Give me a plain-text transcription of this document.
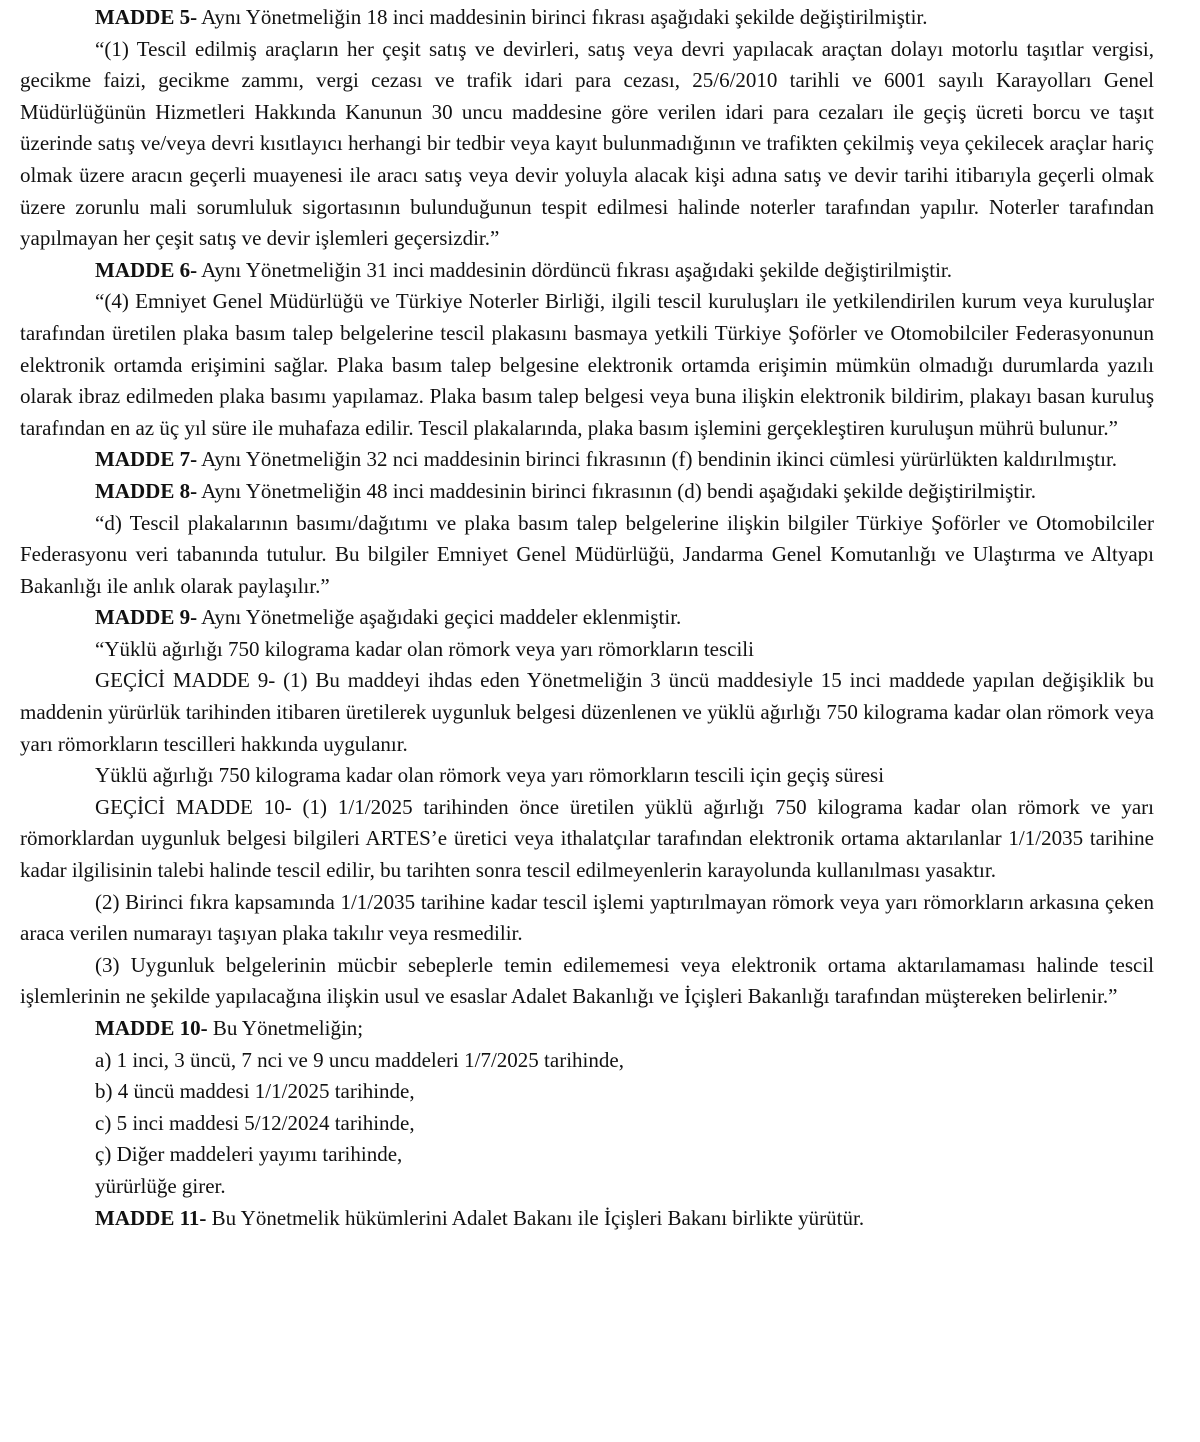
MADDE 5- Aynı Yönetmeliğin 18 inci maddesinin birinci fıkrası aşağıdaki şekilde değiştirilmiştir.

“(1) Tescil edilmiş araçların her çeşit satış ve devirleri, satış veya devri yapılacak araçtan dolayı motorlu taşıtlar vergisi, gecikme faizi, gecikme zammı, vergi cezası ve trafik idari para cezası, 25/6/2010 tarihli ve 6001 sayılı Karayolları Genel Müdürlüğünün Hizmetleri Hakkında Kanunun 30 uncu maddesine göre verilen idari para cezaları ile geçiş ücreti borcu ve taşıt üzerinde satış ve/veya devri kısıtlayıcı herhangi bir tedbir veya kayıt bulunmadığının ve trafikten çekilmiş veya çekilecek araçlar hariç olmak üzere aracın geçerli muayenesi ile aracı satış veya devir yoluyla alacak kişi adına satış ve devir tarihi itibarıyla geçerli olmak üzere zorunlu mali sorumluluk sigortasının bulunduğunun tespit edilmesi halinde noterler tarafından yapılır. Noterler tarafından yapılmayan her çeşit satış ve devir işlemleri geçersizdir.”

MADDE 6- Aynı Yönetmeliğin 31 inci maddesinin dördüncü fıkrası aşağıdaki şekilde değiştirilmiştir.

“(4) Emniyet Genel Müdürlüğü ve Türkiye Noterler Birliği, ilgili tescil kuruluşları ile yetkilendirilen kurum veya kuruluşlar tarafından üretilen plaka basım talep belgelerine tescil plakasını basmaya yetkili Türkiye Şoförler ve Otomobilciler Federasyonunun elektronik ortamda erişimini sağlar. Plaka basım talep belgesine elektronik ortamda erişimin mümkün olmadığı durumlarda yazılı olarak ibraz edilmeden plaka basımı yapılamaz. Plaka basım talep belgesi veya buna ilişkin elektronik bildirim, plakayı basan kuruluş tarafından en az üç yıl süre ile muhafaza edilir. Tescil plakalarında, plaka basım işlemini gerçekleştiren kuruluşun mührü bulunur.”

MADDE 7- Aynı Yönetmeliğin 32 nci maddesinin birinci fıkrasının (f) bendinin ikinci cümlesi yürürlükten kaldırılmıştır.

MADDE 8- Aynı Yönetmeliğin 48 inci maddesinin birinci fıkrasının (d) bendi aşağıdaki şekilde değiştirilmiştir.

“d) Tescil plakalarının basımı/dağıtımı ve plaka basım talep belgelerine ilişkin bilgiler Türkiye Şoförler ve Otomobilciler Federasyonu veri tabanında tutulur. Bu bilgiler Emniyet Genel Müdürlüğü, Jandarma Genel Komutanlığı ve Ulaştırma ve Altyapı Bakanlığı ile anlık olarak paylaşılır.”

MADDE 9- Aynı Yönetmeliğe aşağıdaki geçici maddeler eklenmiştir.

“Yüklü ağırlığı 750 kilograma kadar olan römork veya yarı römorkların tescili

GEÇİCİ MADDE 9- (1) Bu maddeyi ihdas eden Yönetmeliğin 3 üncü maddesiyle 15 inci maddede yapılan değişiklik bu maddenin yürürlük tarihinden itibaren üretilerek uygunluk belgesi düzenlenen ve yüklü ağırlığı 750 kilograma kadar olan römork veya yarı römorkların tescilleri hakkında uygulanır.

Yüklü ağırlığı 750 kilograma kadar olan römork veya yarı römorkların tescili için geçiş süresi

GEÇİCİ MADDE 10- (1) 1/1/2025 tarihinden önce üretilen yüklü ağırlığı 750 kilograma kadar olan römork ve yarı römorklardan uygunluk belgesi bilgileri ARTES’e üretici veya ithalatçılar tarafından elektronik ortama aktarılanlar 1/1/2035 tarihine kadar ilgilisinin talebi halinde tescil edilir, bu tarihten sonra tescil edilmeyenlerin karayolunda kullanılması yasaktır.

(2) Birinci fıkra kapsamında 1/1/2035 tarihine kadar tescil işlemi yaptırılmayan römork veya yarı römorkların arkasına çeken araca verilen numarayı taşıyan plaka takılır veya resmedilir.

(3) Uygunluk belgelerinin mücbir sebeplerle temin edilememesi veya elektronik ortama aktarılamaması halinde tescil işlemlerinin ne şekilde yapılacağına ilişkin usul ve esaslar Adalet Bakanlığı ve İçişleri Bakanlığı tarafından müştereken belirlenir.”

MADDE 10- Bu Yönetmeliğin;

a) 1 inci, 3 üncü, 7 nci ve 9 uncu maddeleri 1/7/2025 tarihinde,

b) 4 üncü maddesi 1/1/2025 tarihinde,

c) 5 inci maddesi 5/12/2024 tarihinde,

ç) Diğer maddeleri yayımı tarihinde,

yürürlüğe girer.

MADDE 11- Bu Yönetmelik hükümlerini Adalet Bakanı ile İçişleri Bakanı birlikte yürütür.
